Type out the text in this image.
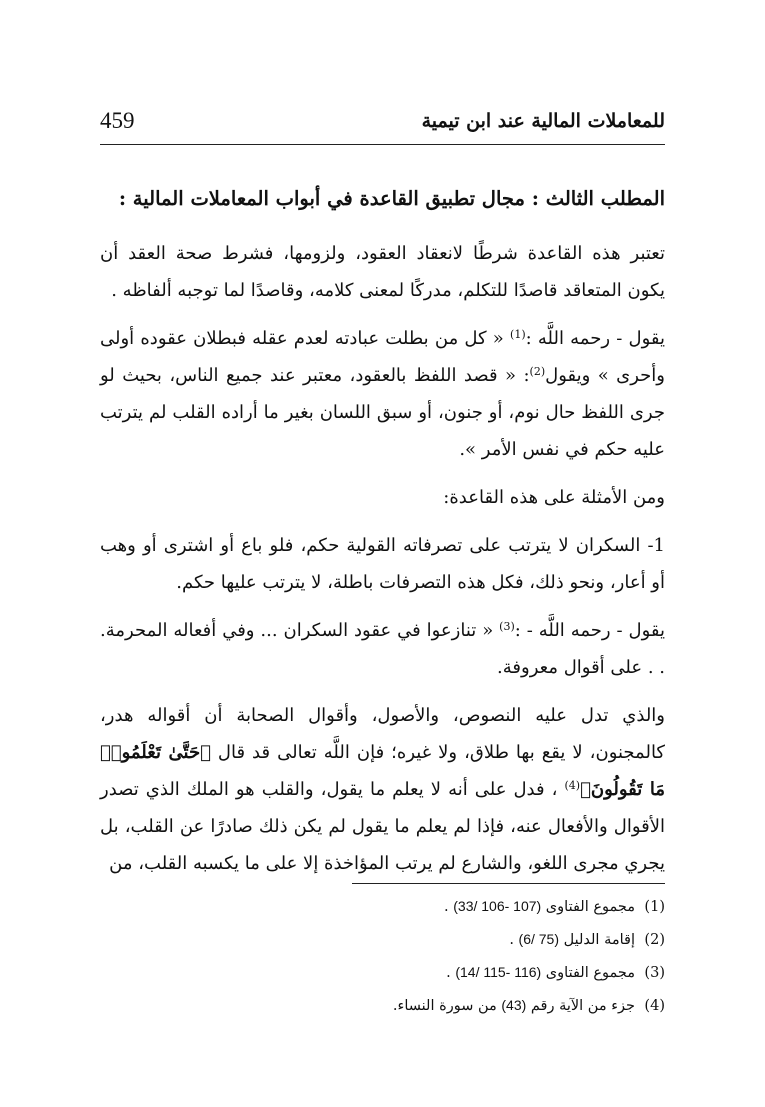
للمعاملات المالية عند ابن تيمية
459

المطلب الثالث : مجال تطبيق القاعدة في أبواب المعاملات المالية :

تعتبر هذه القاعدة شرطًا لانعقاد العقود، ولزومها، فشرط صحة العقد أن يكون المتعاقد قاصدًا للتكلم، مدركًا لمعنى كلامه، وقاصدًا لما توجبه ألفاظه .

يقول - رحمه اللَّه :$^{(1)}$ « كل من بطلت عبادته لعدم عقله فبطلان عقوده أولى وأحرى » ويقول$^{(2)}$: « قصد اللفظ بالعقود، معتبر عند جميع الناس، بحيث لو جرى اللفظ حال نوم، أو جنون، أو سبق اللسان بغير ما أراده القلب لم يترتب عليه حكم في نفس الأمر ».

ومن الأمثلة على هذه القاعدة:

1- السكران لا يترتب على تصرفاته القولية حكم، فلو باع أو اشترى أو وهب أو أعار، ونحو ذلك، فكل هذه التصرفات باطلة، لا يترتب عليها حكم.

يقول - رحمه اللَّه - :$^{(3)}$ « تنازعوا في عقود السكران ... وفي أفعاله المحرمة. . . على أقوال معروفة.

والذي تدل عليه النصوص، والأصول، وأقوال الصحابة أن أقواله هدر، كالمجنون، لا يقع بها طلاق، ولا غيره؛ فإن اللَّه تعالى قد قال ﴿حَتَّىٰ تَعْلَمُوا۟ مَا تَقُولُونَ﴾$^{(4)}$ ، فدل على أنه لا يعلم ما يقول، والقلب هو الملك الذي تصدر الأقوال والأفعال عنه، فإذا لم يعلم ما يقول لم يكن ذلك صادرًا عن القلب، بل يجري مجرى اللغو، والشارع لم يرتب المؤاخذة إلا على ما يكسبه القلب، من

(1)مجموع الفتاوى (33/ 106- 107) .
(2)إقامة الدليل (6/ 75) .
(3)مجموع الفتاوى (14/ 115- 116) .
(4)جزء من الآية رقم (43) من سورة النساء.
